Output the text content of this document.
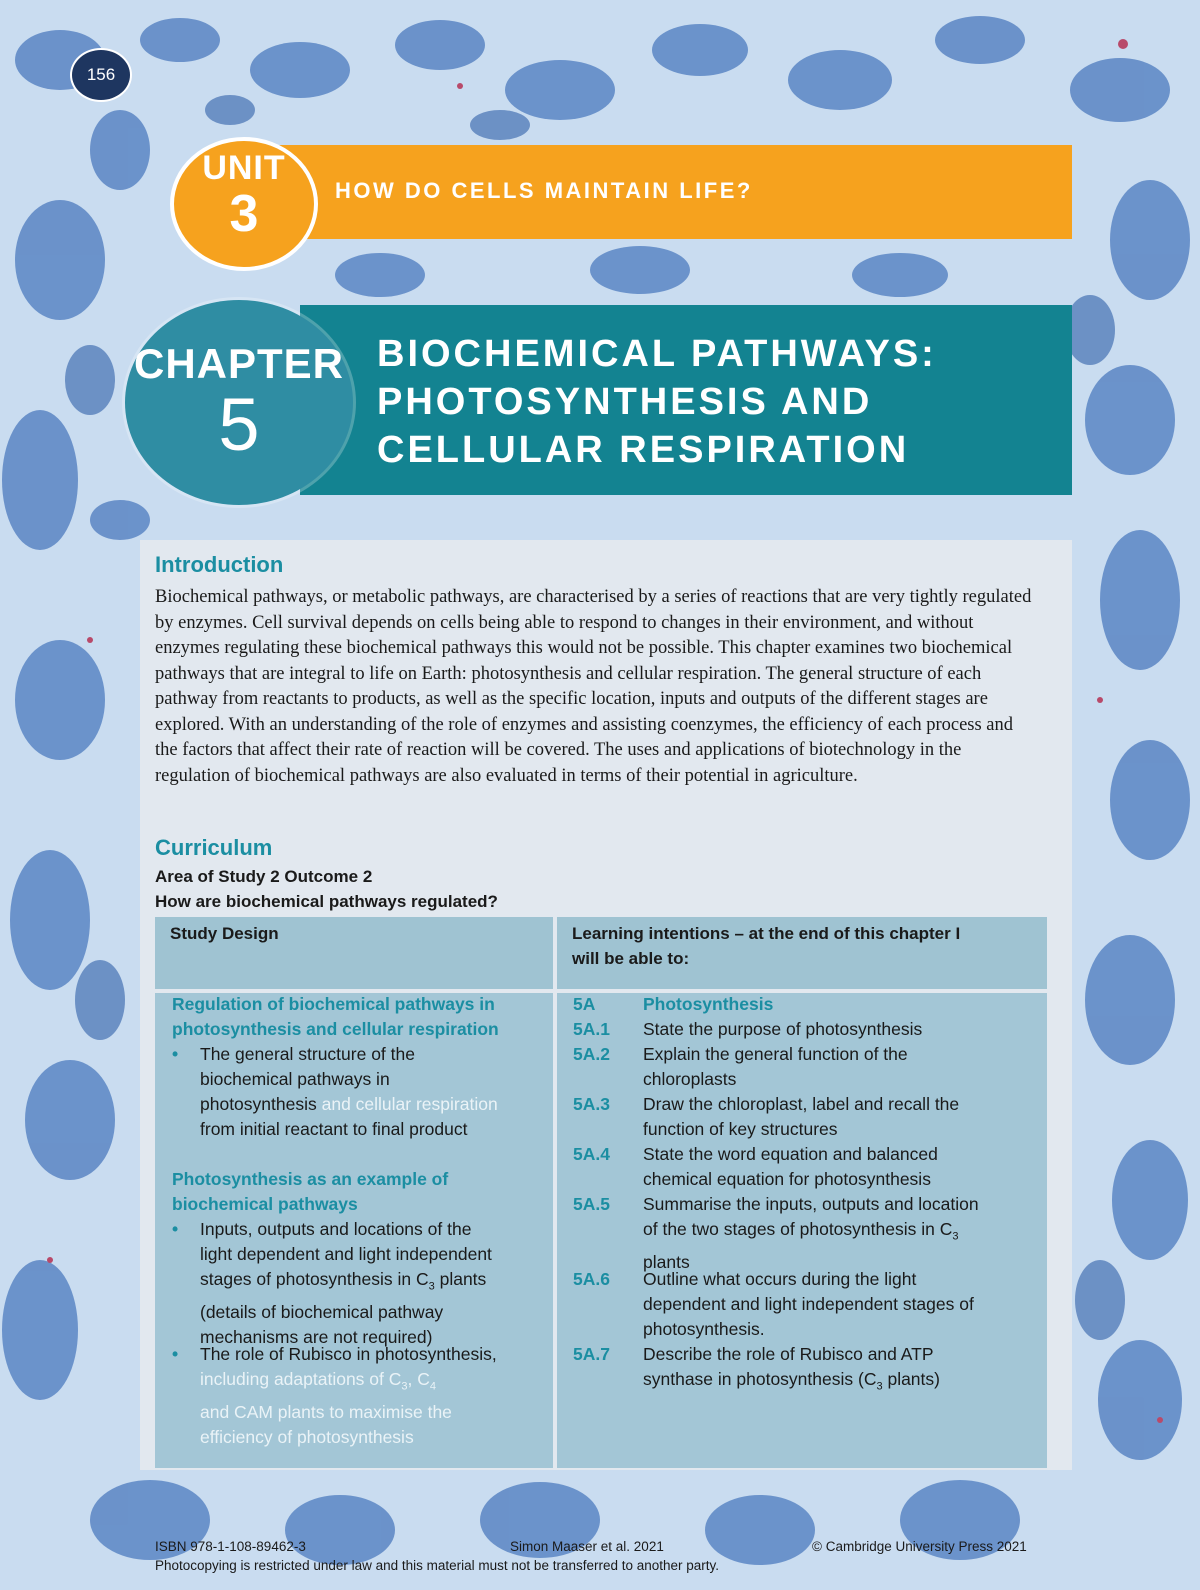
156
HOW DO CELLS MAINTAIN LIFE?
UNIT
3
BIOCHEMICAL PATHWAYS:
PHOTOSYNTHESIS AND
CELLULAR RESPIRATION
CHAPTER
5
Introduction

Biochemical pathways, or metabolic pathways, are characterised by a series of reactions that are very tightly regulated by enzymes. Cell survival depends on cells being able to respond to changes in their environment, and without enzymes regulating these biochemical pathways this would not be possible. This chapter examines two biochemical pathways that are integral to life on Earth: photosynthesis and cellular respiration. The general structure of each pathway from reactants to products, as well as the specific location, inputs and outputs of the different stages are explored. With an understanding of the role of enzymes and assisting coenzymes, the efficiency of each process and the factors that affect their rate of reaction will be covered. The uses and applications of biotechnology in the regulation of biochemical pathways are also evaluated in terms of their potential in agriculture.

Curriculum
Area of Study 2 Outcome 2
How are biochemical pathways regulated?
Study Design	Learning intentions – at the end of this chapter I
will be able to:
Regulation of biochemical pathways in
photosynthesis and cellular respiration
• The general structure of the
biochemical pathways in
photosynthesis and cellular respiration
from initial reactant to final product
Photosynthesis as an example of
biochemical pathways
• Inputs, outputs and locations of the
light dependent and light independent
stages of photosynthesis in $C_3$ plants
(details of biochemical pathway
mechanisms are not required)
• The role of Rubisco in photosynthesis,
including adaptations of $C_3$, $C_4$
and CAM plants to maximise the
efficiency of photosynthesis
5A	Photosynthesis
5A.1	State the purpose of photosynthesis
5A.2	Explain the general function of the
chloroplasts
5A.3	Draw the chloroplast, label and recall the
function of key structures
5A.4	State the word equation and balanced
chemical equation for photosynthesis
5A.5	Summarise the inputs, outputs and location
of the two stages of photosynthesis in $C_3$
plants
5A.6	Outline what occurs during the light
dependent and light independent stages of
photosynthesis.
5A.7	Describe the role of Rubisco and ATP
synthase in photosynthesis ($C_3$ plants)
ISBN 978-1-108-89462-3	Simon Maaser et al. 2021	© Cambridge University Press 2021
Photocopying is restricted under law and this material must not be transferred to another party.
